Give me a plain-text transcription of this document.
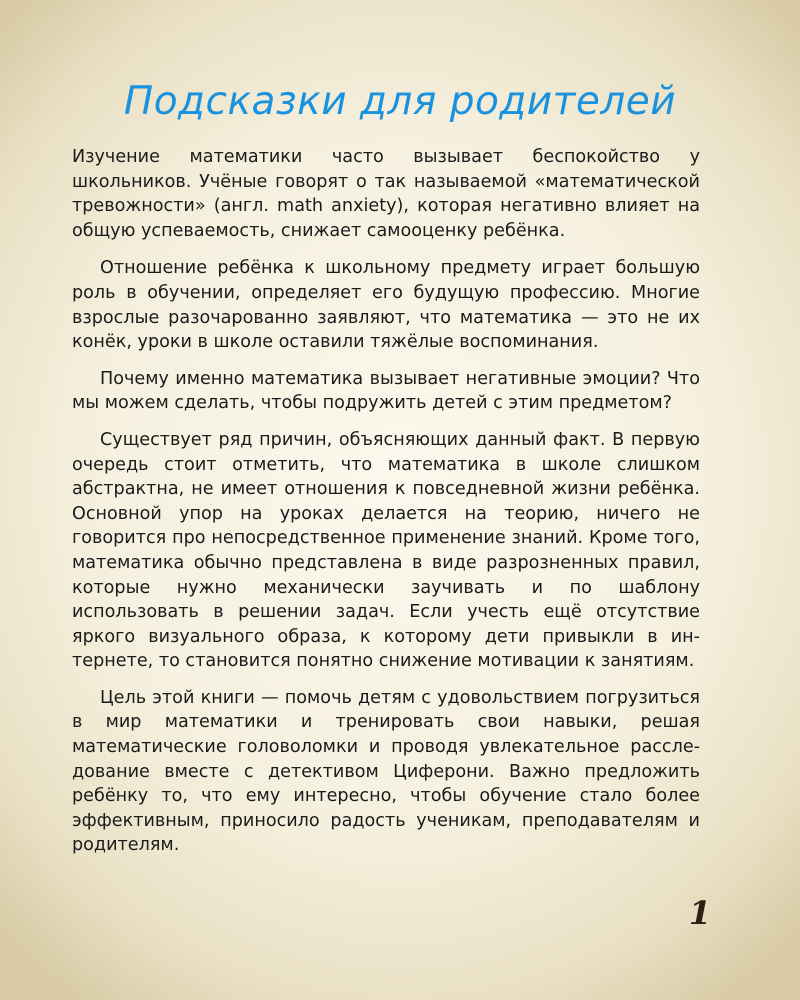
Подсказки для родителей

Изучение математики часто вызывает беспокойство у школьников. Учёные говорят о так называемой «математической тревожности» (англ. math anxiety), которая негативно влияет на общую успеваемость, снижает самооценку ребёнка.

Отношение ребёнка к школьному предмету играет большую роль в обучении, определяет его будущую профессию. Многие взрослые разочарованно заявляют, что математика — это не их конёк, уроки в школе оставили тяжёлые воспоминания.

Почему именно математика вызывает негативные эмоции? Что мы можем сделать, чтобы подружить детей с этим предметом?

Существует ряд причин, объясняющих данный факт. В первую очередь стоит отметить, что математика в школе слишком абстрактна, не имеет отношения к повседневной жизни ребёнка. Основной упор на уроках делается на теорию, ничего не говорится про непосредственное применение знаний. Кроме того, математика обычно представлена в виде разрозненных правил, которые нужно механически заучивать и по шаблону использовать в решении задач. Если учесть ещё отсутствие яркого визуального образа, к которому дети привыкли в интернете, то становится понятно снижение мотивации к занятиям.

Цель этой книги — помочь детям с удовольствием погрузиться в мир математики и тренировать свои навыки, решая математические головоломки и проводя увлекательное расследование вместе с детективом Циферони. Важно предложить ребёнку то, что ему интересно, чтобы обучение стало более эффективным, приносило радость ученикам, преподавателям и родителям.

1
